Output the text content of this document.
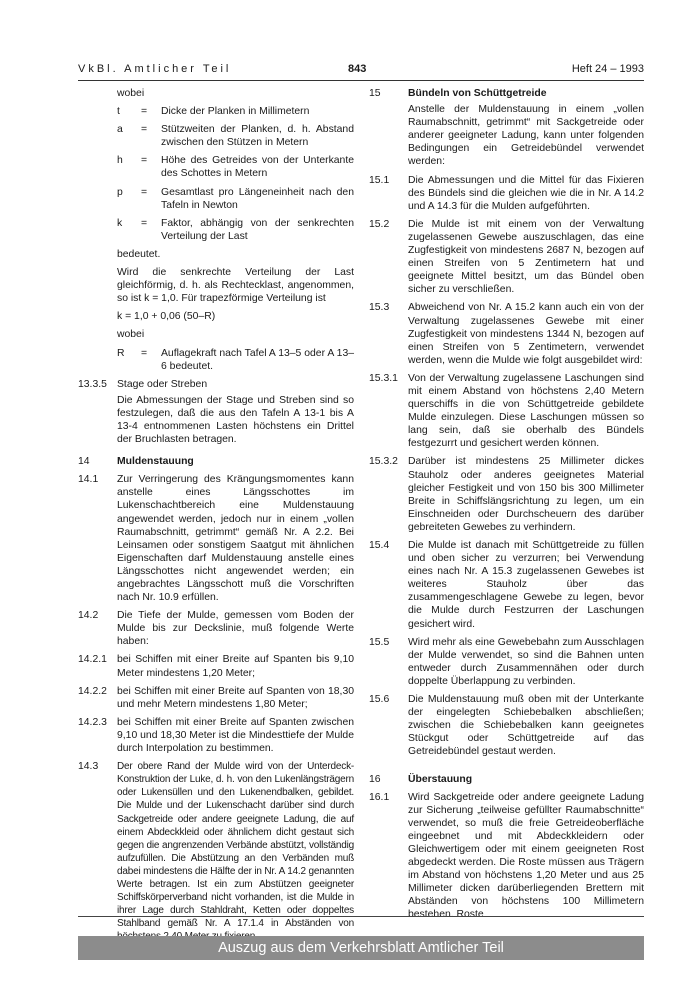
VkBl. Amtlicher Teil	843	Heft 24 – 1993
wobei
t = Dicke der Planken in Millimetern
a = Stützweiten der Planken, d. h. Abstand zwischen den Stützen in Metern
h = Höhe des Getreides von der Unterkante des Schottes in Metern
p = Gesamtlast pro Längeneinheit nach den Tafeln in Newton
k = Faktor, abhängig von der senkrechten Verteilung der Last
bedeutet.
Wird die senkrechte Verteilung der Last gleichförmig, d. h. als Rechtecklast, angenommen, so ist k = 1,0. Für trapezförmige Verteilung ist
k = 1,0 + 0,06 (50–R)
wobei
R = Auflagekraft nach Tafel A 13–5 oder A 13–6 bedeutet.
13.3.5 Stage oder Streben
Die Abmessungen der Stage und Streben sind so festzulegen, daß die aus den Tafeln A 13-1 bis A 13-4 entnommenen Lasten höchstens ein Drittel der Bruchlasten betragen.
14	Muldenstauung
14.1 Zur Verringerung des Krängungsmomentes kann anstelle eines Längsschottes im Lukenschachtbereich eine Muldenstauung angewendet werden, jedoch nur in einem „vollen Raumabschnitt, getrimmt“ gemäß Nr. A 2.2. Bei Leinsamen oder sonstigem Saatgut mit ähnlichen Eigenschaften darf Muldenstauung anstelle eines Längsschottes nicht angewendet werden; ein angebrachtes Längsschott muß die Vorschriften nach Nr. 10.9 erfüllen.
14.2 Die Tiefe der Mulde, gemessen vom Boden der Mulde bis zur Deckslinie, muß folgende Werte haben:
14.2.1 bei Schiffen mit einer Breite auf Spanten bis 9,10 Meter mindestens 1,20 Meter;
14.2.2 bei Schiffen mit einer Breite auf Spanten von 18,30 und mehr Metern mindestens 1,80 Meter;
14.2.3 bei Schiffen mit einer Breite auf Spanten zwischen 9,10 und 18,30 Meter ist die Mindesttiefe der Mulde durch Interpolation zu bestimmen.
14.3 Der obere Rand der Mulde wird von der Unterdeck-Konstruktion der Luke, d. h. von den Lukenlängsträgern oder Lukensüllen und den Lukenendbalken, gebildet. Die Mulde und der Lukenschacht darüber sind durch Sackgetreide oder andere geeignete Ladung, die auf einem Abdeckkleid oder ähnlichem dicht gestaut sich gegen die angrenzenden Verbände abstützt, vollständig aufzufüllen. Die Abstützung an den Verbänden muß dabei mindestens die Hälfte der in Nr. A 14.2 genannten Werte betragen. Ist ein zum Abstützen geeigneter Schiffskörperverband nicht vorhanden, ist die Mulde in ihrer Lage durch Stahldraht, Ketten oder doppeltes Stahlband gemäß Nr. A 17.1.4 in Abständen von
15	Bündeln von Schüttgetreide
Anstelle der Muldenstauung in einem „vollen Raumabschnitt, getrimmt“ mit Sackgetreide oder anderer geeigneter Ladung, kann unter folgenden Bedingungen ein Getreidebündel verwendet werden:
15.1 Die Abmessungen und die Mittel für das Fixieren des Bündels sind die gleichen wie die in Nr. A 14.2 und A 14.3 für die Mulden aufgeführten.
15.2 Die Mulde ist mit einem von der Verwaltung zugelassenen Gewebe auszuschlagen, das eine Zugfestigkeit von mindestens 2687 N, bezogen auf einen Streifen von 5 Zentimetern hat und geeignete Mittel besitzt, um das Bündel oben sicher zu verschließen.
15.3 Abweichend von Nr. A 15.2 kann auch ein von der Verwaltung zugelassenes Gewebe mit einer Zugfestigkeit von mindestens 1344 N, bezogen auf einen Streifen von 5 Zentimetern, verwendet werden, wenn die Mulde wie folgt ausgebildet wird:
15.3.1 Von der Verwaltung zugelassene Laschungen sind mit einem Abstand von höchstens 2,40 Metern querschiffs in die von Schüttgetreide gebildete Mulde einzulegen. Diese Laschungen müssen so lang sein, daß sie oberhalb des Bündels festgezurrt und gesichert werden können.
15.3.2 Darüber ist mindestens 25 Millimeter dickes Stauholz oder anderes geeignetes Material gleicher Festigkeit und von 150 bis 300 Millimeter Breite in Schiffslängsrichtung zu legen, um ein Einschneiden oder Durchscheuern des darüber gebreiteten Gewebes zu verhindern.
15.4 Die Mulde ist danach mit Schüttgetreide zu füllen und oben sicher zu verzurren; bei Verwendung eines nach Nr. A 15.3 zugelassenen Gewebes ist weiteres Stauholz über das zusammengeschlagene Gewebe zu legen, bevor die Mulde durch Festzurren der Laschungen gesichert wird.
15.5 Wird mehr als eine Gewebebahn zum Ausschlagen der Mulde verwendet, so sind die Bahnen unten entweder durch Zusammennähen oder durch doppelte Überlappung zu verbinden.
15.6 Die Muldenstauung muß oben mit der Unterkante der eingelegten Schiebebalken abschließen; zwischen die Schiebebalken kann geeignetes Stückgut oder Schüttgetreide auf das Getreidebündel gestaut werden.
16	Überstauung
16.1 Wird Sackgetreide oder andere geeignete Ladung zur Sicherung „teilweise gefüllter Raumabschnitte“ verwendet, so muß die freie Getreideoberfläche eingeebnet und mit Abdeckkleidern oder Gleichwertigem oder mit einem geeigneten Rost abgedeckt werden. Die Roste müssen aus Trägern im Abstand von höchstens 1,20 Meter und aus 25 Millimeter dicken darüberliegenden Brettern mit Abständen von höchstens 100 Millimetern bestehen. Roste
Auszug aus dem Verkehrsblatt Amtlicher Teil
